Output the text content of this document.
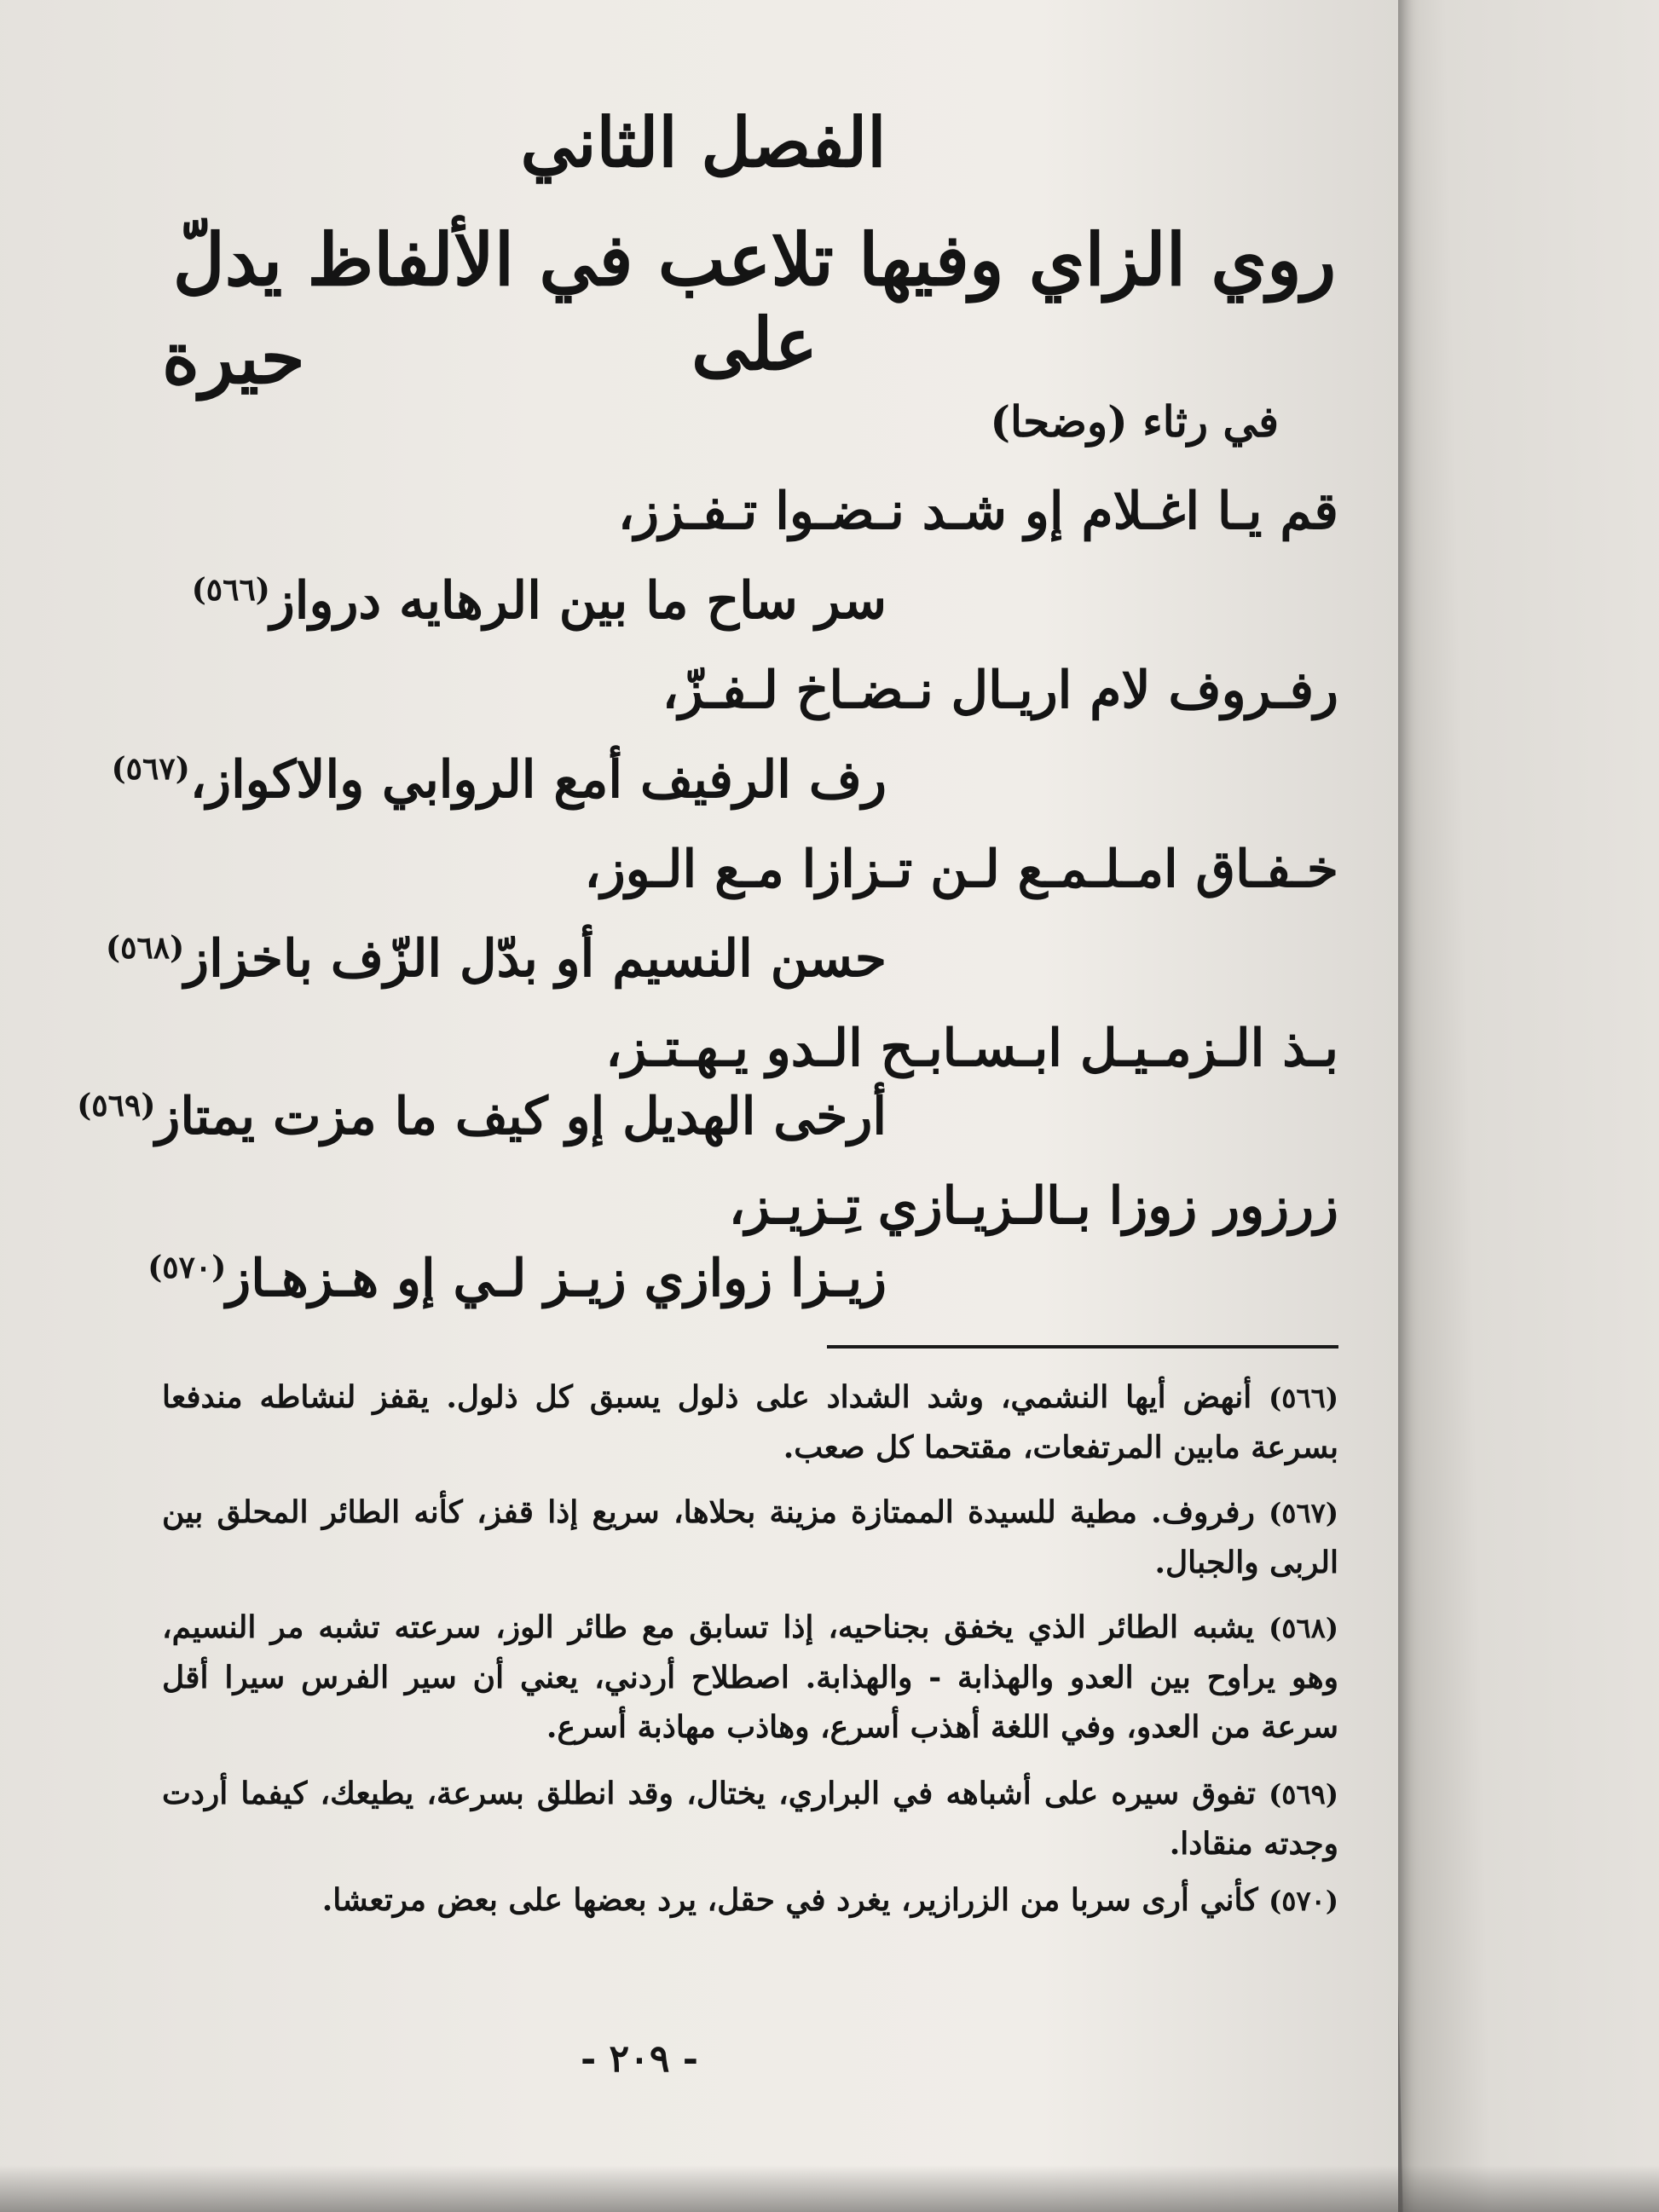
الفصل الثاني
روي الزاي وفيها تلاعب في الألفاظ يدلّ على
حيرة
في رثاء (وضحا)
قم يـا اغـلام إو شـد نـضـوا تـفـزز،
سر ساح ما بين الرهايه درواز$^{(٥٦٦)}$
رفـروف لام اريـال نـضـاخ لـفـزّ،
رف الرفيف أمع الروابي والاكواز،$^{(٥٦٧)}$
خـفـاق امـلـمـع لـن تـزازا مـع الـوز،
حسن النسيم أو بدّل الزّف باخزاز$^{(٥٦٨)}$
بـذ الـزمـيـل ابـسـابـح الـدو يـهـتـز،
أرخى الهديل إو كيف ما مزت يمتاز$^{(٥٦٩)}$
زرزور زوزا بـالـزيـازي تِـزيـز،
زيـزا زوازي زيـز لـي إو هـزهـاز$^{(٥٧٠)}$
(٥٦٦) أنهض أيها النشمي، وشد الشداد على ذلول يسبق كل ذلول. يقفز لنشاطه مندفعا بسرعة مابين المرتفعات، مقتحما كل صعب.
(٥٦٧) رفروف. مطية للسيدة الممتازة مزينة بحلاها، سريع إذا قفز، كأنه الطائر المحلق بين الربى والجبال.
(٥٦٨) يشبه الطائر الذي يخفق بجناحيه، إذا تسابق مع طائر الوز، سرعته تشبه مر النسيم، وهو يراوح بين العدو والهذابة - والهذابة. اصطلاح أردني، يعني أن سير الفرس سيرا أقل سرعة من العدو، وفي اللغة أهذب أسرع، وهاذب مهاذبة أسرع.
(٥٦٩) تفوق سيره على أشباهه في البراري، يختال، وقد انطلق بسرعة، يطيعك، كيفما أردت وجدته منقادا.
(٥٧٠) كأني أرى سربا من الزرازير، يغرد في حقل، يرد بعضها على بعض مرتعشا.
- ٢٠٩ -
